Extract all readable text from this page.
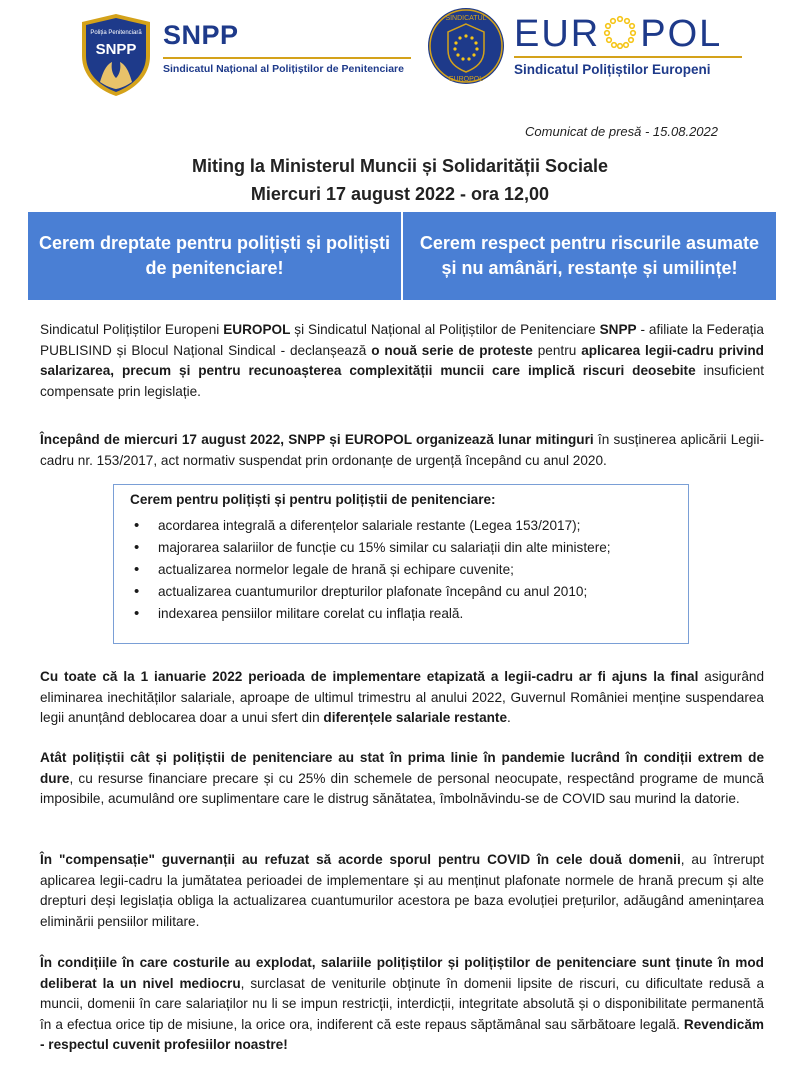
Poliția Penitenciară
SNPP SNPP
Sindicatul Național al Polițiștilor de Penitenciare
SINDICATUL
EUROPOL
EUR POL
Sindicatul Polițiștilor Europeni
Comunicat de presă - 15.08.2022
Miting la Ministerul Muncii și Solidarității Sociale
Miercuri 17 august 2022 - ora 12,00
Cerem dreptate pentru polițiști și polițiști de penitenciare!
Cerem respect pentru riscurile asumate și nu amânări, restanțe și umilințe!
Sindicatul Polițiștilor Europeni EUROPOL și Sindicatul Național al Polițiștilor de Penitenciare SNPP - afiliate la Federația PUBLISIND și Blocul Național Sindical - declanșează o nouă serie de proteste pentru aplicarea legii-cadru privind salarizarea, precum și pentru recunoașterea complexității muncii care implică riscuri deosebite insuficient compensate prin legislație.
Începând de miercuri 17 august 2022, SNPP și EUROPOL organizează lunar mitinguri în susținerea aplicării Legii-cadru nr. 153/2017, act normativ suspendat prin ordonanțe de urgență începând cu anul 2020.
Cerem pentru polițiști și pentru polițiștii de penitenciare:
• acordarea integrală a diferențelor salariale restante (Legea 153/2017);
• majorarea salariilor de funcție cu 15% similar cu salariații din alte ministere;
• actualizarea normelor legale de hrană și echipare cuvenite;
• actualizarea cuantumurilor drepturilor plafonate începând cu anul 2010;
• indexarea pensiilor militare corelat cu inflația reală.
Cu toate că la 1 ianuarie 2022 perioada de implementare etapizată a legii-cadru ar fi ajuns la final asigurând eliminarea inechităților salariale, aproape de ultimul trimestru al anului 2022, Guvernul României menține suspendarea legii anunțând deblocarea doar a unui sfert din diferențele salariale restante.
Atât polițiștii cât și polițiștii de penitenciare au stat în prima linie în pandemie lucrând în condiții extrem de dure, cu resurse financiare precare și cu 25% din schemele de personal neocupate, respectând programe de muncă imposibile, acumulând ore suplimentare care le distrug sănătatea, îmbolnăvindu-se de COVID sau murind la datorie.
În "compensație" guvernanții au refuzat să acorde sporul pentru COVID în cele două domenii, au întrerupt aplicarea legii-cadru la jumătatea perioadei de implementare și au menținut plafonate normele de hrană precum și alte drepturi deși legislația obliga la actualizarea cuantumurilor acestora pe baza evoluției prețurilor, adăugând amenințarea eliminării pensiilor militare.
În condițiile în care costurile au explodat, salariile polițiștilor și polițiștilor de penitenciare sunt ținute în mod deliberat la un nivel mediocru, surclasat de veniturile obținute în domenii lipsite de riscuri, cu dificultate redusă a muncii, domenii în care salariaților nu li se impun restricții, interdicții, integritate absolută și o disponibilitate permanentă în a efectua orice tip de misiune, la orice ora, indiferent că este repaus săptămânal sau sărbătoare legală. Revendicăm - respectul cuvenit profesiilor noastre!
